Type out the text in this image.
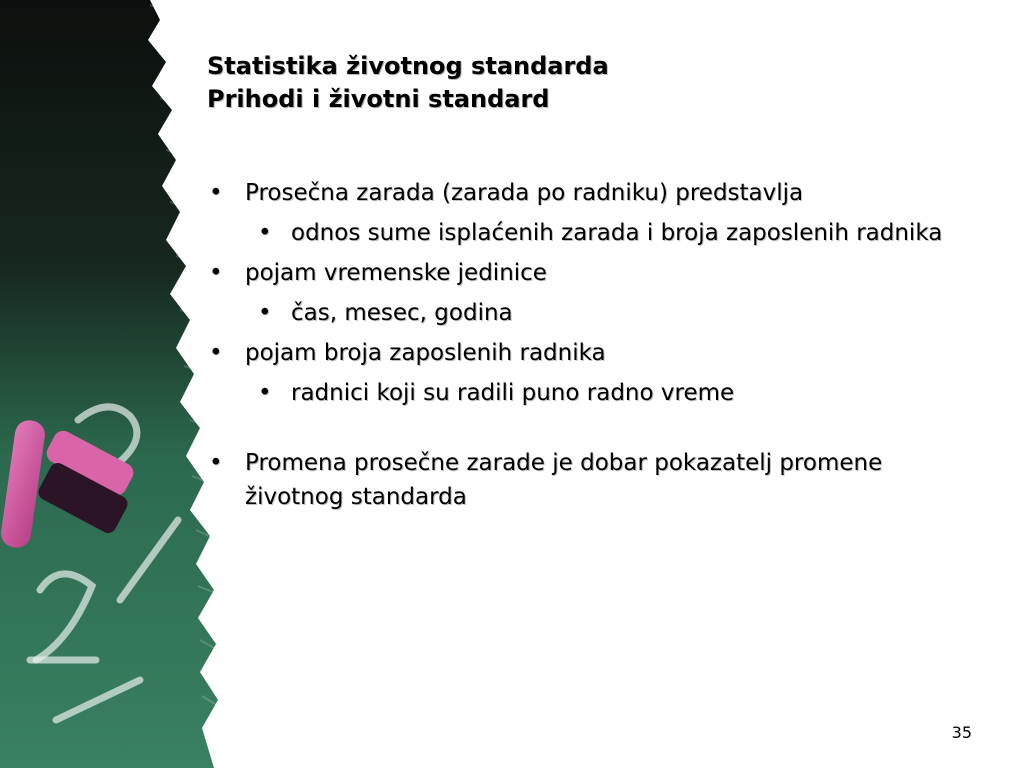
Statistika životnog standarda
Prihodi i životni standard
• Prosečna zarada (zarada po radniku) predstavlja
• odnos sume isplaćenih zarada i broja zaposlenih radnika
• pojam vremenske jedinice
• čas, mesec, godina
• pojam broja zaposlenih radnika
• radnici koji su radili puno radno vreme
• Promena prosečne zarade je dobar pokazatelj promene životnog standarda
35
